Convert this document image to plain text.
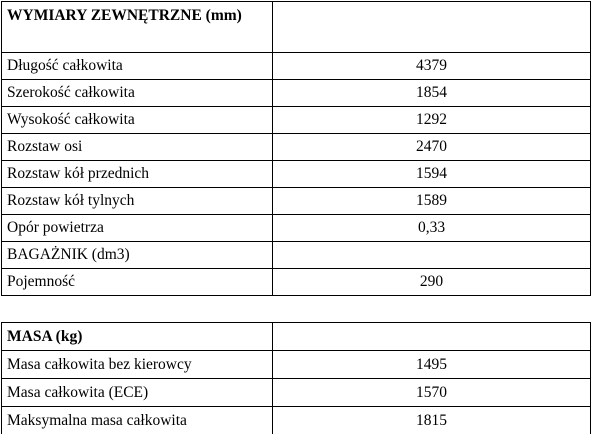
WYMIARY ZEWNĘTRZNE (mm)	
Długość całkowita	4379
Szerokość całkowita	1854
Wysokość całkowita	1292
Rozstaw osi	2470
Rozstaw kół przednich	1594
Rozstaw kół tylnych	1589
Opór powietrza	0,33
BAGAŻNIK (dm3)	
Pojemność	290
MASA (kg)	
Masa całkowita bez kierowcy	1495
Masa całkowita (ECE)	1570
Maksymalna masa całkowita	1815
